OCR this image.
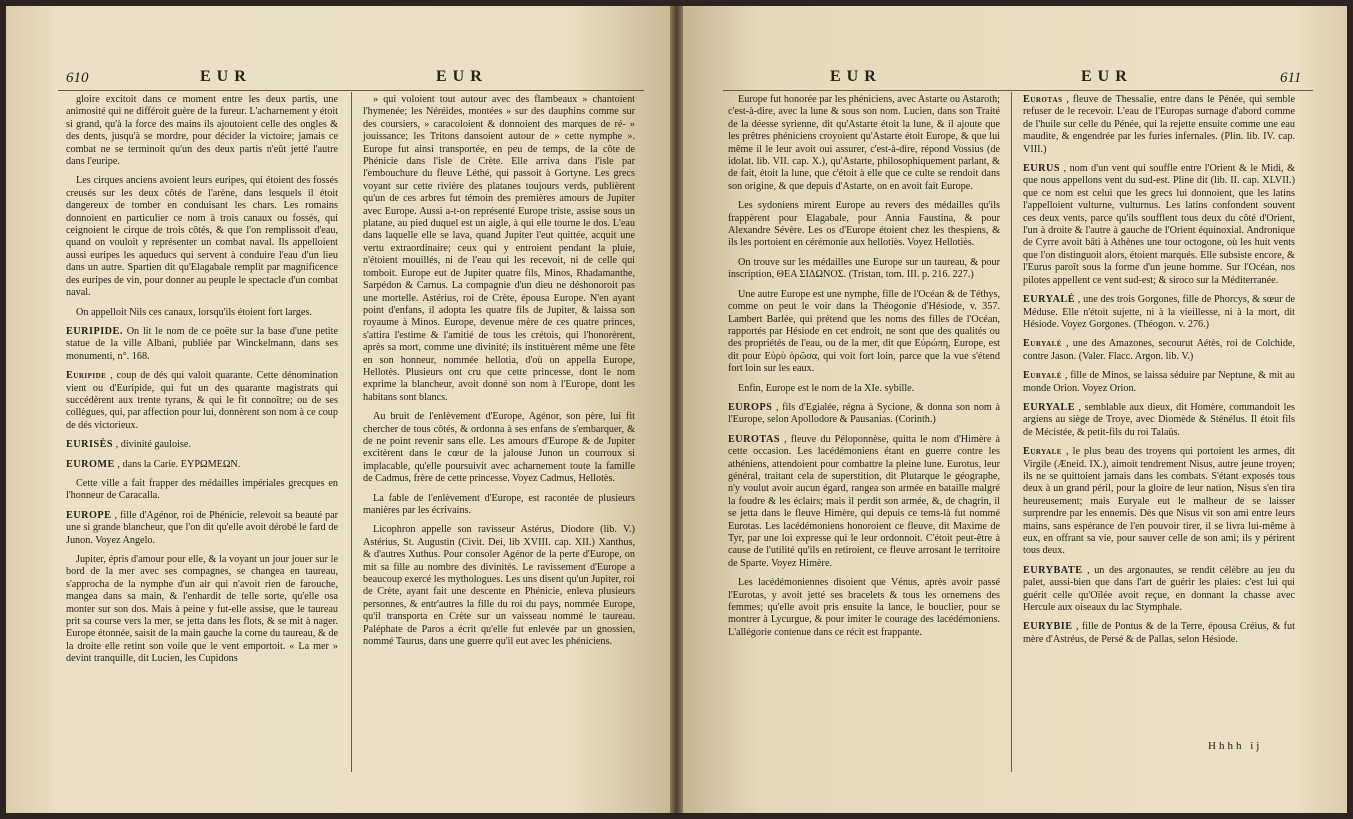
610	EUR	EUR

gloire excitoit dans ce moment entre les deux partis, une animosité qui ne différoit guère de la fureur. L'acharnement y étoit si grand, qu'à la force des mains ils ajoutoient celle des ongles & des dents, jusqu'à se mordre, pour décider la victoire; jamais ce combat ne se terminoit qu'un des deux partis n'eût jetté l'autre dans l'euripe.

Les cirques anciens avoient leurs euripes, qui étoient des fossés creusés sur les deux côtés de l'arène, dans lesquels il étoit dangereux de tomber en conduisant les chars. Les romains donnoient en particulier ce nom à trois canaux ou fossés, qui ceignoient le cirque de trois côtés, & que l'on remplissoit d'eau, quand on vouloit y représenter un combat naval. Ils appelloient aussi euripes les aqueducs qui servent à conduire l'eau d'un lieu dans un autre. Spartien dit qu'Elagabale remplit par magnificence des euripes de vin, pour donner au peuple le spectacle d'un combat naval.

On appelloit Nils ces canaux, lorsqu'ils étoient fort larges.

EURIPIDE. On lit le nom de ce poëte sur la base d'une petite statue de la ville Albani, publiée par Winckelmann, dans ses monumenti, n°. 168.

Euripide , coup de dés qui valoit quarante. Cette dénomination vient ou d'Euripide, qui fut un des quarante magistrats qui succédèrent aux trente tyrans, & qui le fit connoître; ou de ses collègues, qui, par affection pour lui, donnèrent son nom à ce coup de dés victorieux.

EURISÈS , divinité gauloise.

EUROME , dans la Carie. ΕΥΡΩΜΕΩΝ.

Cette ville a fait frapper des médailles impériales grecques en l'honneur de Caracalla.

EUROPE , fille d'Agénor, roi de Phénicie, relevoit sa beauté par une si grande blancheur, que l'on dit qu'elle avoit dérobé le fard de Junon. Voyez Angelo.

Jupiter, épris d'amour pour elle, & la voyant un jour jouer sur le bord de la mer avec ses compagnes, se changea en taureau, s'approcha de la nymphe d'un air qui n'avoit rien de farouche, mangea dans sa main, & l'enhardit de telle sorte, qu'elle osa monter sur son dos. Mais à peine y fut-elle assise, que le taureau prit sa course vers la mer, se jetta dans les flots, & se mit à nager. Europe étonnée, saisit de la main gauche la corne du taureau, & de la droite elle retint son voile que le vent emportoit. « La mer » devint tranquille, dit Lucien, les Cupidons

» qui voloient tout autour avec des flambeaux » chantoient l'hymenée; les Néréides, montées » sur des dauphins comme sur des coursiers, » caracoloient & donnoient des marques de ré- » jouissance; les Tritons dansoient autour de » cette nymphe ». Europe fut ainsi transportée, en peu de temps, de la côte de Phénicie dans l'isle de Crète. Elle arriva dans l'isle par l'embouchure du fleuve Léthé, qui passoit à Gortyne. Les grecs voyant sur cette rivière des platanes toujours verds, publièrent qu'un de ces arbres fut témoin des premières amours de Jupiter avec Europe. Aussi a-t-on représenté Europe triste, assise sous un platane, au pied duquel est un aigle, à qui elle tourne le dos. L'eau dans laquelle elle se lava, quand Jupiter l'eut quittée, acquit une vertu extraordinaire; ceux qui y entroient pendant la pluie, n'étoient mouillés, ni de l'eau qui les recevoit, ni de celle qui tomboit. Europe eut de Jupiter quatre fils, Minos, Rhadamanthe, Sarpédon & Carnus. La compagnie d'un dieu ne déshonoroit pas une mortelle. Astérius, roi de Crète, épousa Europe. N'en ayant point d'enfans, il adopta les quatre fils de Jupiter, & laissa son royaume à Minos. Europe, devenue mère de ces quatre princes, s'attira l'estime & l'amitié de tous les crétois, qui l'honorèrent, après sa mort, comme une divinité; ils instituèrent même une fête en son honneur, nommée hellotia, d'où on appella Europe, Hellotès. Plusieurs ont cru que cette princesse, dont le nom exprime la blancheur, avoit donné son nom à l'Europe, dont les habitans sont blancs.

Au bruit de l'enlèvement d'Europe, Agénor, son père, lui fit chercher de tous côtés, & ordonna à ses enfans de s'embarquer, & de ne point revenir sans elle. Les amours d'Europe & de Jupiter excitèrent dans le cœur de la jalouse Junon un courroux si implacable, qu'elle poursuivit avec acharnement toute la famille de Cadmus, frère de cette princesse. Voyez Cadmus, Hellotès.

La fable de l'enlèvement d'Europe, est racontée de plusieurs manières par les écrivains.

Licophron appelle son ravisseur Astérus, Diodore (lib. V.) Astérius, St. Augustin (Civit. Dei, lib XVIII. cap. XII.) Xanthus, & d'autres Xuthus. Pour consoler Agénor de la perte d'Europe, on mit sa fille au nombre des divinités. Le ravissement d'Europe a beaucoup exercé les mythologues. Les uns disent qu'un Jupiter, roi de Crète, ayant fait une descente en Phénicie, enleva plusieurs personnes, & entr'autres la fille du roi du pays, nommée Europe, qu'il transporta en Crète sur un vaisseau nommé le taureau. Paléphate de Paros a écrit qu'elle fut enlevée par un gnossien, nommé Taurus, dans une guerre qu'il eut avec les phéniciens.

EUR	EUR	611

Europe fut honorée par les phéniciens, avec Astarte ou Astaroth; c'est-à-dire, avec la lune & sous son nom. Lucien, dans son Traité de la déesse syrienne, dit qu'Astarte étoit la lune, & il ajoute que les prêtres phéniciens croyoient qu'Astarte étoit Europe, & que lui même il le leur avoit oui assurer, c'est-à-dire, répond Vossius (de idolat. lib. VII. cap. X.), qu'Astarte, philosophiquement parlant, & de fait, étoit la lune, que c'étoit à elle que ce culte se rendoit dans son origine, & que depuis d'Astarte, on en avoit fait Europe.

Les sydoniens mirent Europe au revers des médailles qu'ils frappèrent pour Elagabale, pour Annia Faustina, & pour Alexandre Sévère. Les os d'Europe étoient chez les thespiens, & ils les portoient en cérémonie aux hellotiès. Voyez Hellotiès.

On trouve sur les médailles une Europe sur un taureau, & pour inscription, ΘΕΑ ΣΙΔΩΝΟΣ. (Tristan, tom. III. p. 216. 227.)

Une autre Europe est une nymphe, fille de l'Océan & de Téthys, comme on peut le voir dans la Théogonie d'Hésiode, v. 357. Lambert Barlée, qui prétend que les noms des filles de l'Océan, rapportés par Hésiode en cet endroit, ne sont que des qualités ou des propriétés de l'eau, ou de la mer, dit que Εὐρώπη, Europe, est dit pour Εὐρὺ ὁρῶσα, qui voit fort loin, parce que la vue s'étend fort loin sur les eaux.

Enfin, Europe est le nom de la XIe. sybille.

EUROPS , fils d'Egialée, régna à Sycione, & donna son nom à l'Europe, selon Apollodore & Pausanias. (Corinth.)

EUROTAS , fleuve du Péloponnèse, quitta le nom d'Himère à cette occasion. Les lacédémoniens étant en guerre contre les athéniens, attendoient pour combattre la pleine lune. Eurotus, leur général, traitant cela de superstition, dit Plutarque le géographe, n'y voulut avoir aucun égard, rangea son armée en bataille malgré la foudre & les éclairs; mais il perdit son armée, &, de chagrin, il se jetta dans le fleuve Himère, qui depuis ce tems-là fut nommé Eurotas. Les lacédémoniens honoroient ce fleuve, dit Maxime de Tyr, par une loi expresse qui le leur ordonnoit. C'étoit peut-être à cause de l'utilité qu'ils en retiroient, ce fleuve arrosant le territoire de Sparte. Voyez Himère.

Les lacédémoniennes disoient que Vénus, après avoir passé l'Eurotas, y avoit jetté ses bracelets & tous les ornemens des femmes; qu'elle avoit pris ensuite la lance, le bouclier, pour se montrer à Lycurgue, & pour imiter le courage des lacédémoniens. L'allégorie contenue dans ce récit est frappante.

Euroтas , fleuve de Thessalie, entre dans le Pénée, qui semble refuser de le recevoir. L'eau de l'Europas surnage d'abord comme de l'huile sur celle du Pénée, qui la rejette ensuite comme une eau maudite, & engendrée par les furies infernales. (Plin. lib. IV. cap. VIII.)

EURUS , nom d'un vent qui souffle entre l'Orient & le Midi, & que nous appellons vent du sud-est. Pline dit (lib. II. cap. XLVII.) que ce nom est celui que les grecs lui donnoient, que les latins l'appelloient vulturne, vulturnus. Les latins confondent souvent ces deux vents, parce qu'ils soufflent tous deux du côté d'Orient, l'un à droite & l'autre à gauche de l'Orient équinoxial. Andronique de Cyrre avoit bâti à Athènes une tour octogone, où les huit vents que l'on distinguoit alors, étoient marqués. Elle subsiste encore, & l'Eurus paroît sous la forme d'un jeune homme. Sur l'Océan, nos pilotes appellent ce vent sud-est; & siroco sur la Méditerranée.

EURYALÉ , une des trois Gorgones, fille de Phorcys, & sœur de Méduse. Elle n'étoit sujette, ni à la vieillesse, ni à la mort, dit Hésiode. Voyez Gorgones. (Théogon. v. 276.)

Euryalé , une des Amazones, secourut Aétès, roi de Colchide, contre Jason. (Valer. Flacc. Argon. lib. V.)

Euryalé , fille de Minos, se laissa séduire par Neptune, & mit au monde Orion. Voyez Orion.

EURYALE , semblable aux dieux, dit Homère, commandoit les argiens au siège de Troye, avec Diomède & Sténélus. Il étoit fils de Mécistée, & petit-fils du roi Talaüs.

Euryale , le plus beau des troyens qui portoient les armes, dit Virgile (Æneid. IX.), aimoit tendrement Nisus, autre jeune troyen; ils ne se quittoient jamais dans les combats. S'étant exposés tous deux à un grand péril, pour la gloire de leur nation, Nisus s'en tira heureusement; mais Euryale eut le malheur de se laisser surprendre par les ennemis. Dès que Nisus vit son ami entre leurs mains, sans espérance de l'en pouvoir tirer, il se livra lui-même à eux, en offrant sa vie, pour sauver celle de son ami; ils y périrent tous deux.

EURYBATE , un des argonautes, se rendit célèbre au jeu du palet, aussi-bien que dans l'art de guérir les plaies: c'est lui qui guérit celle qu'Oïlée avoit reçue, en donnant la chasse avec Hercule aux oiseaux du lac Stymphale.

EURYBIE , fille de Pontus & de la Terre, épousa Créius, & fut mère d'Astréus, de Persé & de Pallas, selon Hésiode.

Hhhh ij
